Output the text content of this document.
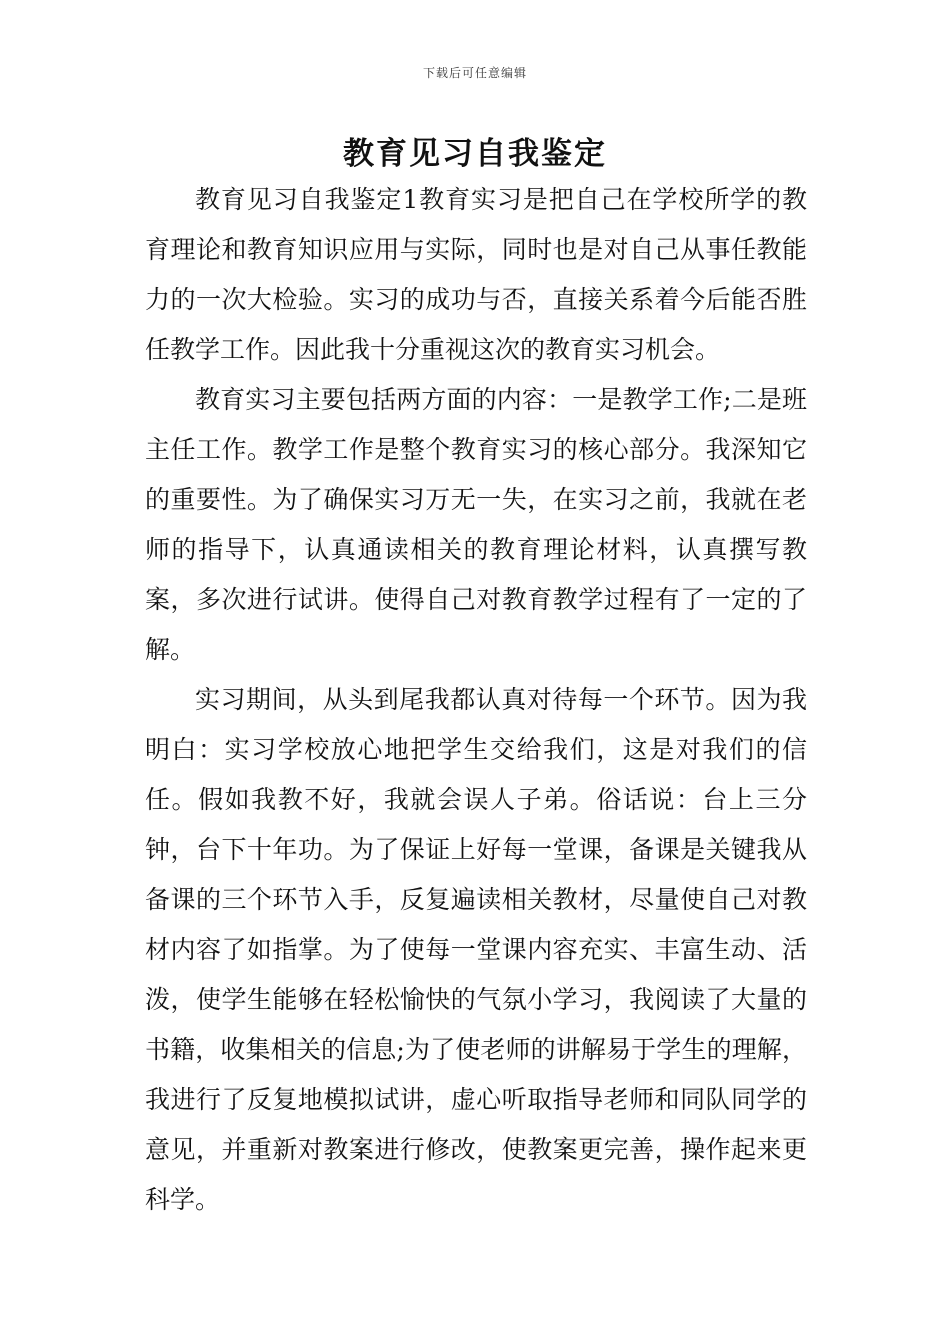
下载后可任意编辑
教育见习自我鉴定

教育见习自我鉴定1教育实习是把自己在学校所学的教育理论和教育知识应用与实际，同时也是对自己从事任教能力的一次大检验。实习的成功与否，直接关系着今后能否胜任教学工作。因此我十分重视这次的教育实习机会。

教育实习主要包括两方面的内容：一是教学工作;二是班主任工作。教学工作是整个教育实习的核心部分。我深知它的重要性。为了确保实习万无一失，在实习之前，我就在老师的指导下，认真通读相关的教育理论材料，认真撰写教案，多次进行试讲。使得自己对教育教学过程有了一定的了解。

实习期间，从头到尾我都认真对待每一个环节。因为我明白：实习学校放心地把学生交给我们，这是对我们的信任。假如我教不好，我就会误人子弟。俗话说：台上三分钟，台下十年功。为了保证上好每一堂课，备课是关键我从备课的三个环节入手，反复遍读相关教材，尽量使自己对教材内容了如指掌。为了使每一堂课内容充实、丰富生动、活泼，使学生能够在轻松愉快的气氛小学习，我阅读了大量的书籍，收集相关的信息;为了使老师的讲解易于学生的理解，我进行了反复地模拟试讲，虚心听取指导老师和同队同学的意见，并重新对教案进行修改，使教案更完善，操作起来更科学。
